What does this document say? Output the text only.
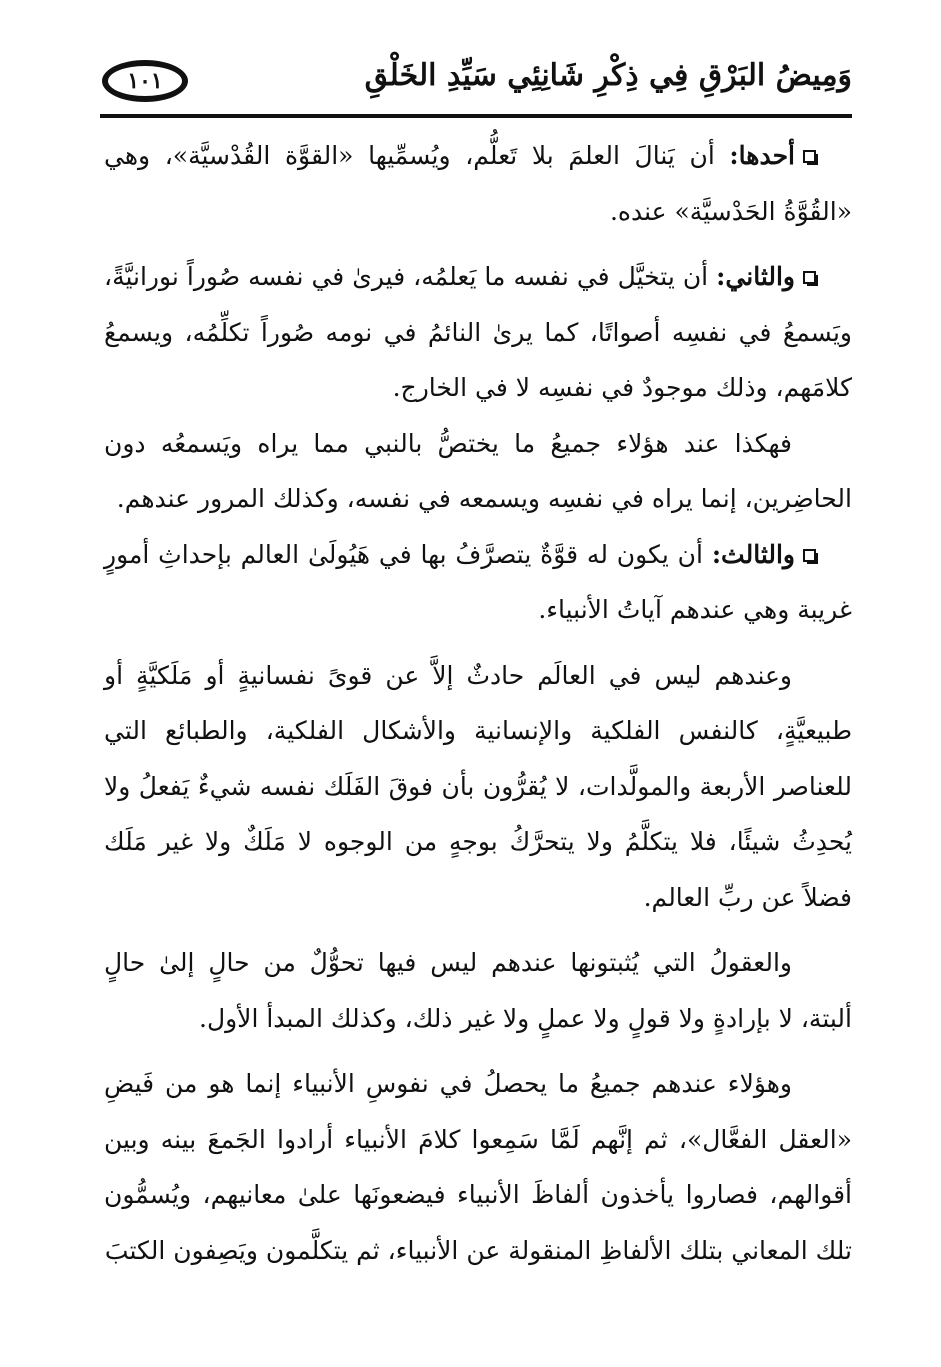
وَمِيضُ البَرْقِ فِي ذِكْرِ شَانِئِي سَيِّدِ الخَلْقِ
١٠١

أحدها: أن يَنالَ العلمَ بلا تَعلُّم، ويُسمِّيها «القوَّة القُدْسيَّة»، وهي «القُوَّةُ الحَدْسيَّة» عنده.

والثاني: أن يتخيَّل في نفسه ما يَعلمُه، فيرىٰ في نفسه صُوراً نورانيَّةً، ويَسمعُ في نفسِه أصواتًا، كما يرىٰ النائمُ في نومه صُوراً تكلِّمُه، ويسمعُ كلامَهم، وذلك موجودٌ في نفسِه لا في الخارج.

فهكذا عند هؤلاء جميعُ ما يختصُّ بالنبي مما يراه ويَسمعُه دون الحاضِرين، إنما يراه في نفسِه ويسمعه في نفسه، وكذلك المرور عندهم.

والثالث: أن يكون له قوَّةٌ يتصرَّفُ بها في هَيُولَىٰ العالم بإحداثِ أمورٍ غريبة وهي عندهم آياتُ الأنبياء.

وعندهم ليس في العالَم حادثٌ إلاَّ عن قوىً نفسانيةٍ أو مَلَكيَّةٍ أو طبيعيَّةٍ، كالنفس الفلكية والإنسانية والأشكال الفلكية، والطبائع التي للعناصر الأربعة والمولَّدات، لا يُقرُّون بأن فوقَ الفَلَك نفسه شيءٌ يَفعلُ ولا يُحدِثُ شيئًا، فلا يتكلَّمُ ولا يتحرَّكُ بوجهٍ من الوجوه لا مَلَكٌ ولا غير مَلَك فضلاً عن ربِّ العالم.

والعقولُ التي يُثبتونها عندهم ليس فيها تحوُّلٌ من حالٍ إلىٰ حالٍ ألبتة، لا بإرادةٍ ولا قولٍ ولا عملٍ ولا غير ذلك، وكذلك المبدأ الأول.

وهؤلاء عندهم جميعُ ما يحصلُ في نفوسِ الأنبياء إنما هو من فَيضِ «العقل الفعَّال»، ثم إنَّهم لَمَّا سَمِعوا كلامَ الأنبياء أرادوا الجَمعَ بينه وبين أقوالهم، فصاروا يأخذون ألفاظَ الأنبياء فيضعونَها علىٰ معانيهم، ويُسمُّون تلك المعاني بتلك الألفاظِ المنقولة عن الأنبياء، ثم يتكلَّمون ويَصِفون الكتبَ
